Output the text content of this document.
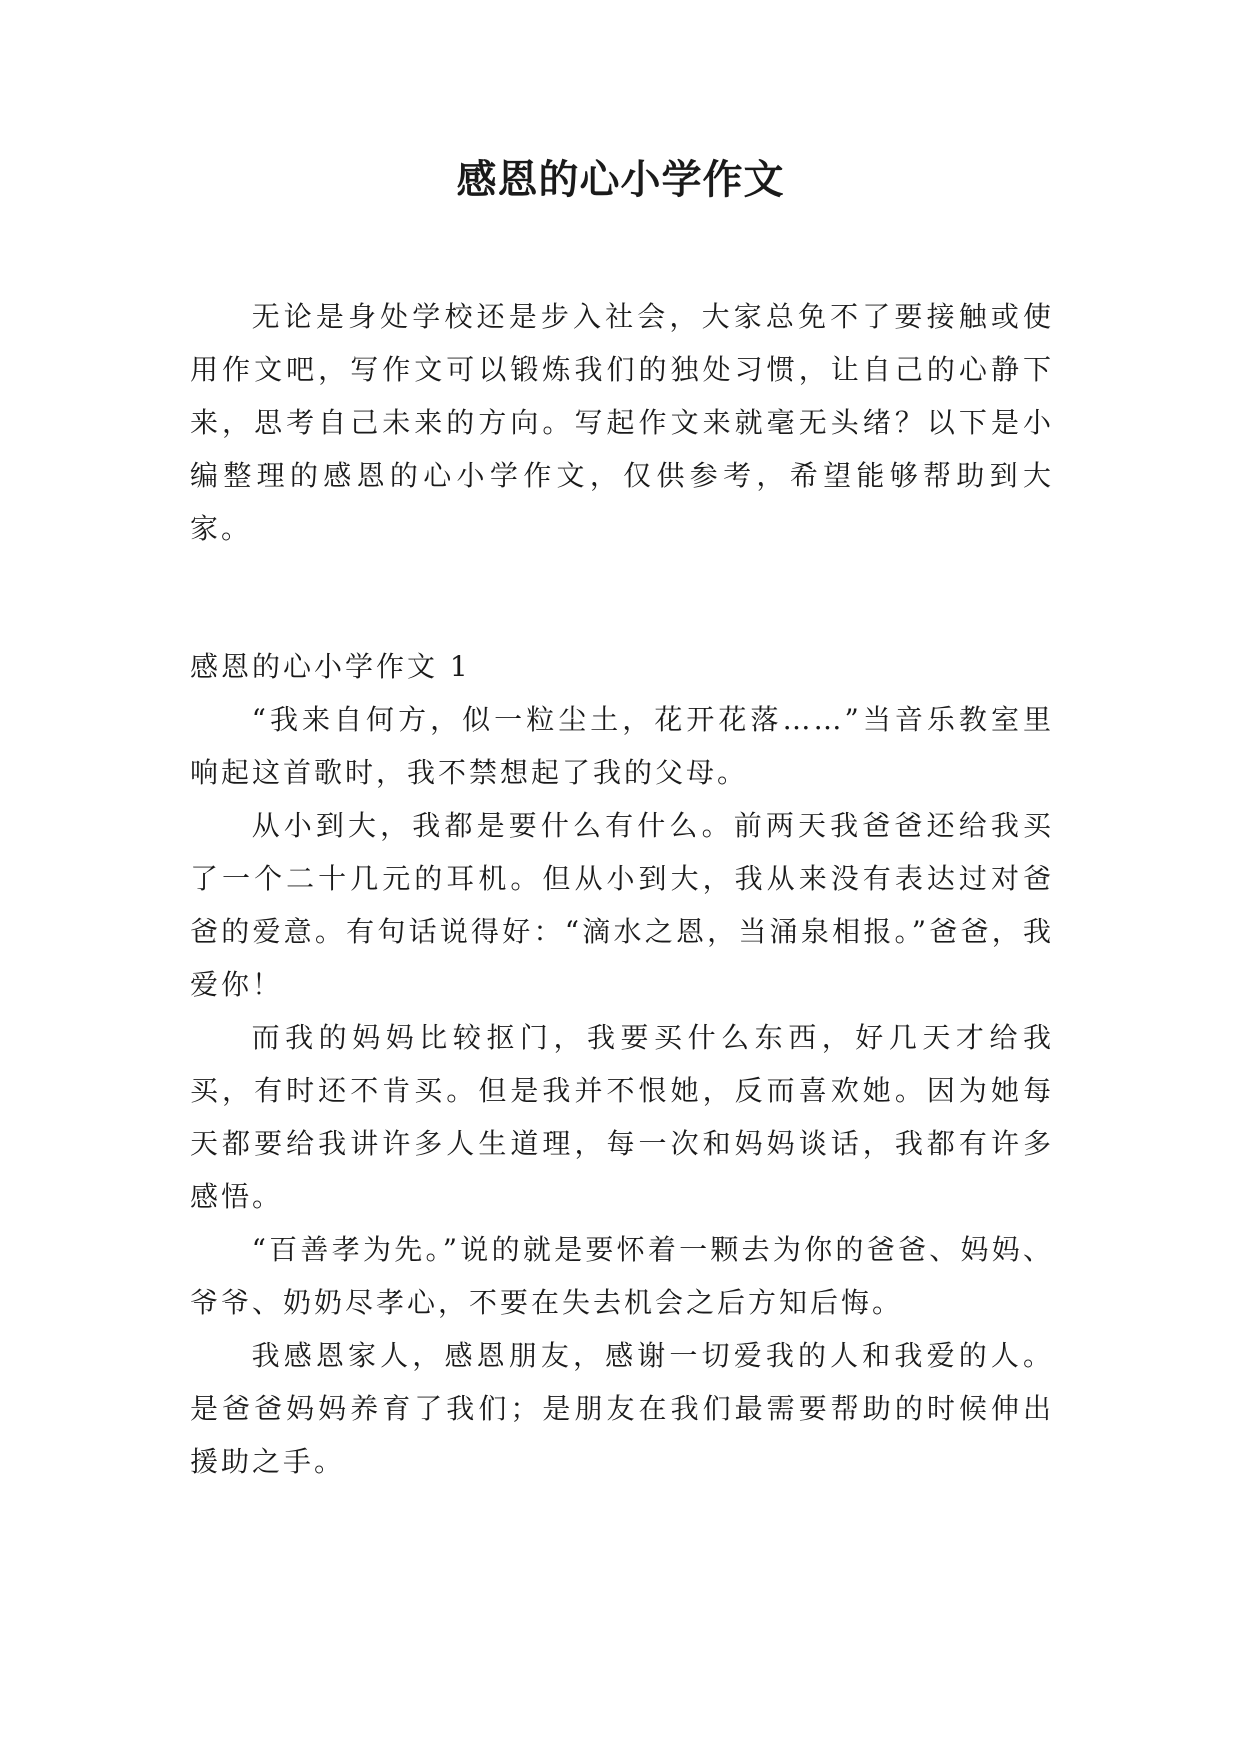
感恩的心小学作文

无论是身处学校还是步入社会，大家总免不了要接触或使用作文吧，写作文可以锻炼我们的独处习惯，让自己的心静下来，思考自己未来的方向。写起作文来就毫无头绪？以下是小编整理的感恩的心小学作文，仅供参考，希望能够帮助到大家。

感恩的心小学作文 1

“我来自何方，似一粒尘土，花开花落……”当音乐教室里响起这首歌时，我不禁想起了我的父母。

从小到大，我都是要什么有什么。前两天我爸爸还给我买了一个二十几元的耳机。但从小到大，我从来没有表达过对爸爸的爱意。有句话说得好：“滴水之恩，当涌泉相报。”爸爸，我爱你！

而我的妈妈比较抠门，我要买什么东西，好几天才给我买，有时还不肯买。但是我并不恨她，反而喜欢她。因为她每天都要给我讲许多人生道理，每一次和妈妈谈话，我都有许多感悟。

“百善孝为先。”说的就是要怀着一颗去为你的爸爸、妈妈、爷爷、奶奶尽孝心，不要在失去机会之后方知后悔。

我感恩家人，感恩朋友，感谢一切爱我的人和我爱的人。是爸爸妈妈养育了我们；是朋友在我们最需要帮助的时候伸出援助之手。
